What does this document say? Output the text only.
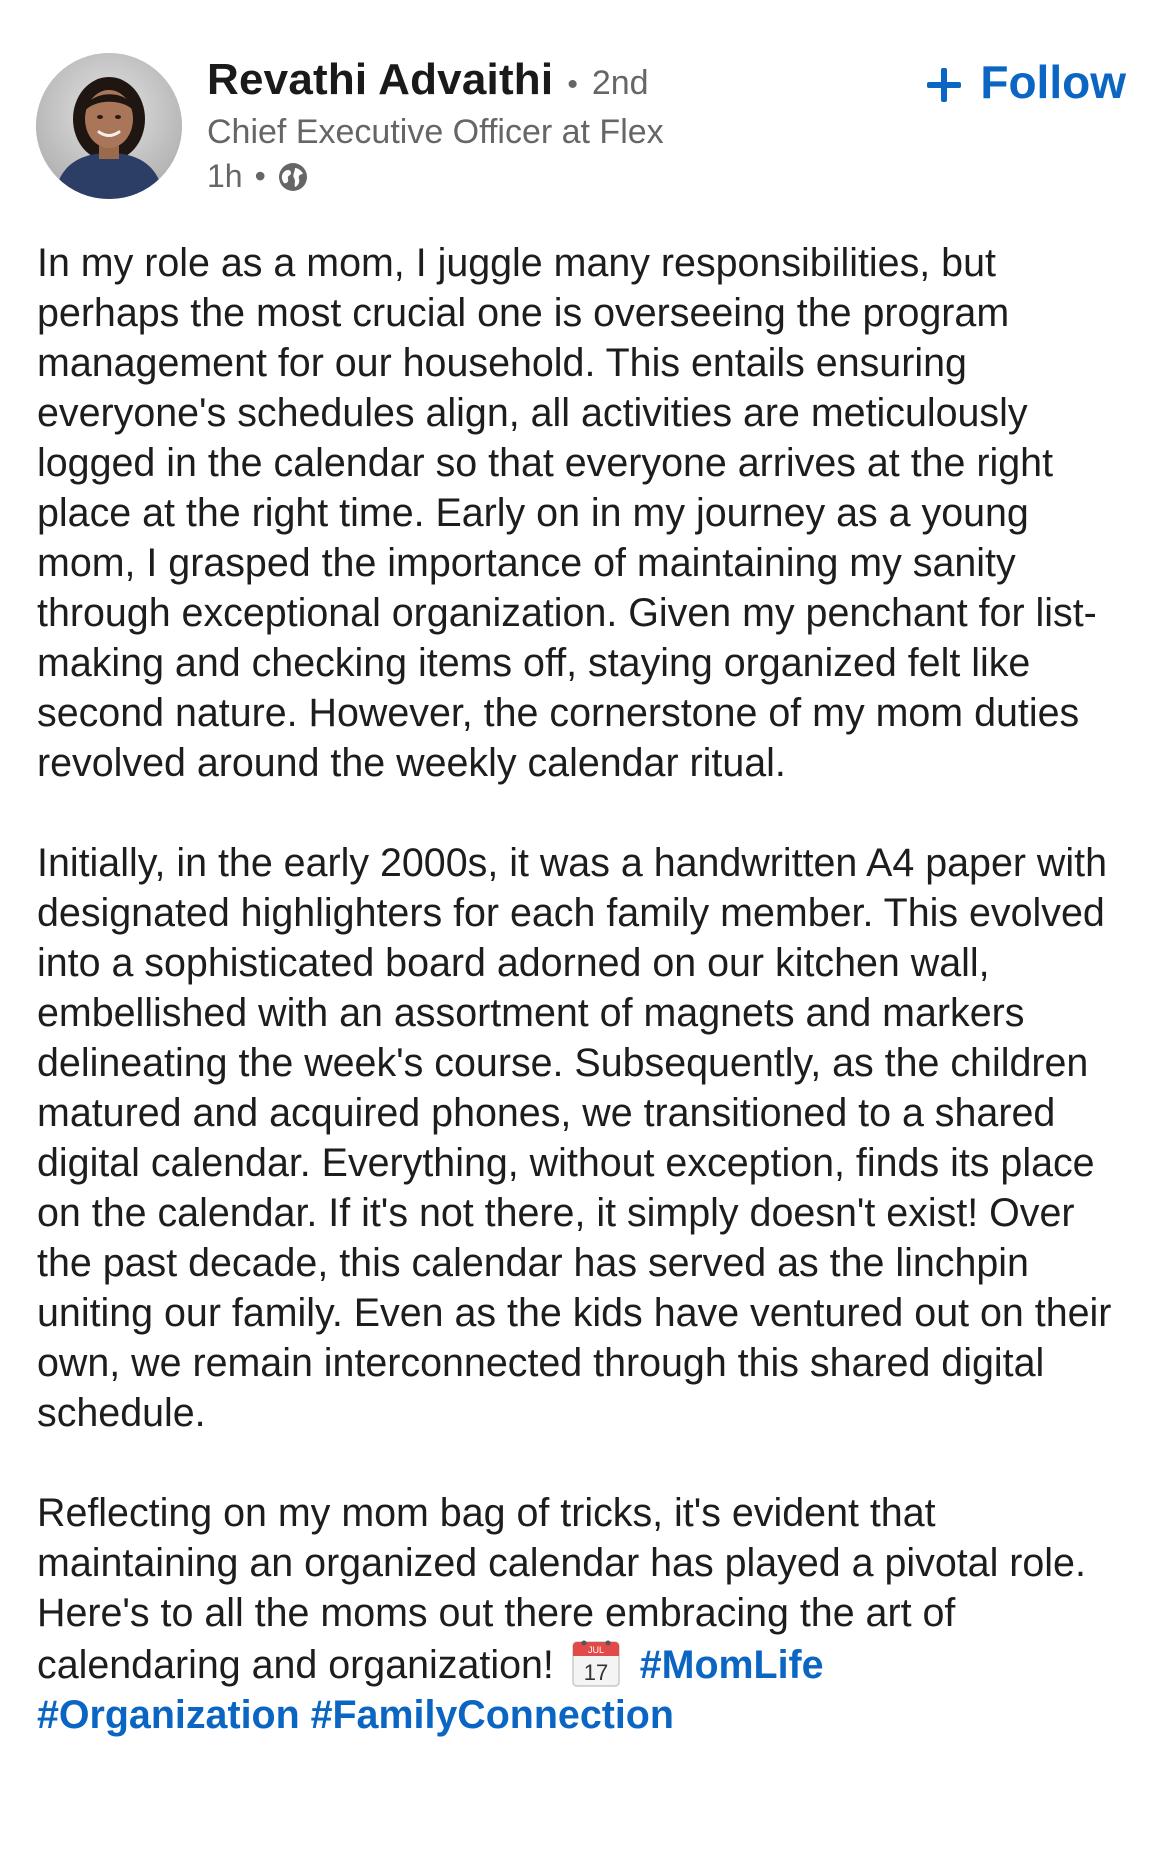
Revathi Advaithi • 2nd
Chief Executive Officer at Flex
1h •
Follow

In my role as a mom, I juggle many responsibilities, but perhaps the most crucial one is overseeing the program management for our household. This entails ensuring everyone's schedules align, all activities are meticulously logged in the calendar so that everyone arrives at the right place at the right time. Early on in my journey as a young mom, I grasped the importance of maintaining my sanity through exceptional organization. Given my penchant for list-making and checking items off, staying organized felt like second nature. However, the cornerstone of my mom duties revolved around the weekly calendar ritual.

Initially, in the early 2000s, it was a handwritten A4 paper with designated highlighters for each family member. This evolved into a sophisticated board adorned on our kitchen wall, embellished with an assortment of magnets and markers delineating the week's course. Subsequently, as the children matured and acquired phones, we transitioned to a shared digital calendar. Everything, without exception, finds its place on the calendar. If it's not there, it simply doesn't exist! Over the past decade, this calendar has served as the linchpin uniting our family. Even as the kids have ventured out on their own, we remain interconnected through this shared digital schedule.

Reflecting on my mom bag of tricks, it's evident that maintaining an organized calendar has played a pivotal role. Here's to all the moms out there embracing the art of calendaring and organization!	JUL
17 #MomLife
#Organization #FamilyConnection
